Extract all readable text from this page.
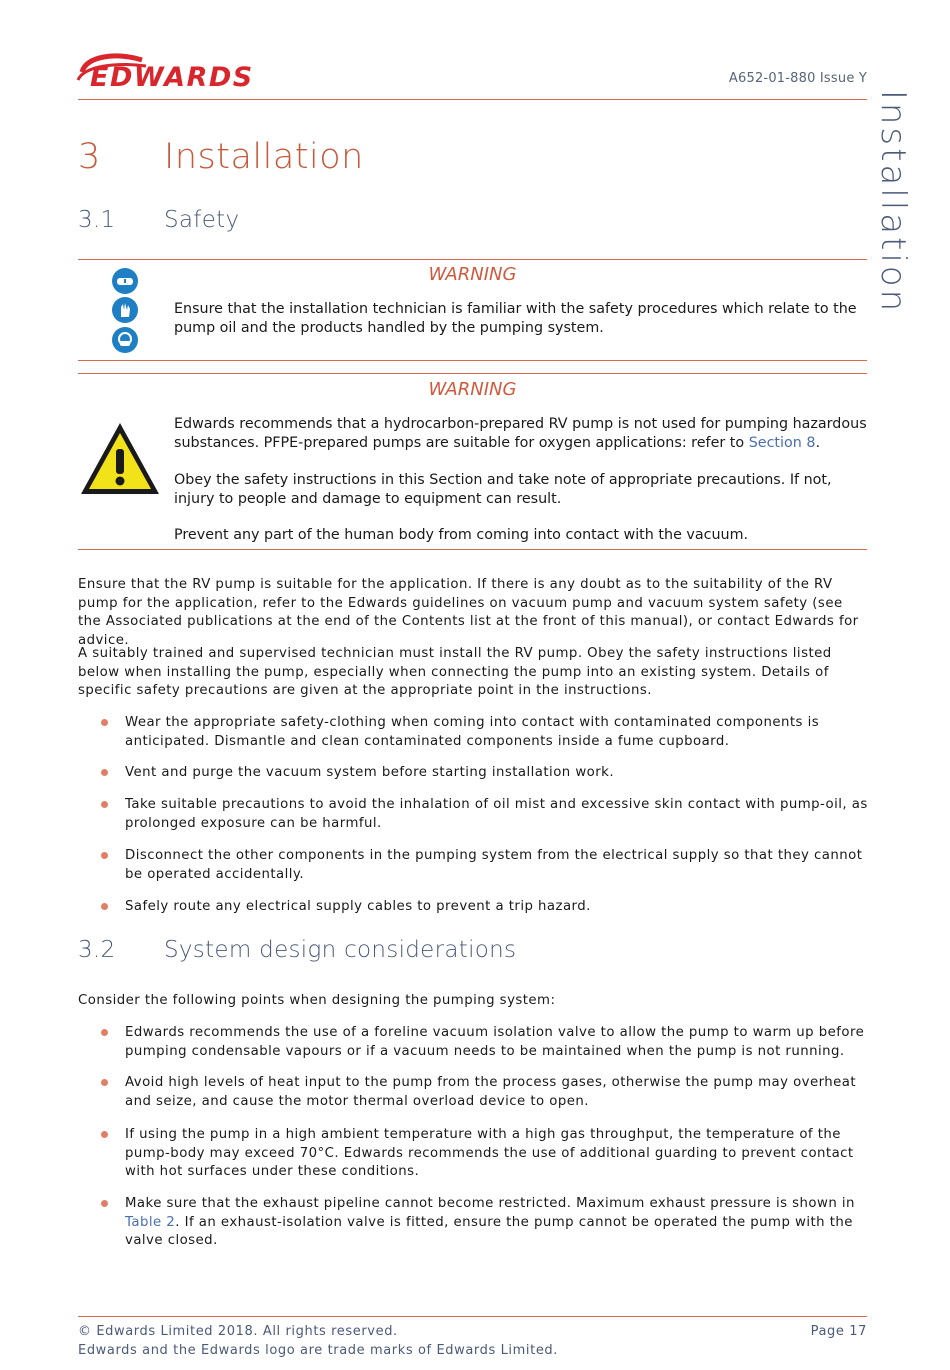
EDWARDS	A652-01-880 Issue Y
Installation
3 Installation
3.1 Safety
WARNING
Ensure that the installation technician is familiar with the safety procedures which relate to the pump oil and the products handled by the pumping system.
WARNING
Edwards recommends that a hydrocarbon-prepared RV pump is not used for pumping hazardous substances. PFPE-prepared pumps are suitable for oxygen applications: refer to Section 8.
Obey the safety instructions in this Section and take note of appropriate precautions. If not, injury to people and damage to equipment can result.
Prevent any part of the human body from coming into contact with the vacuum.
Ensure that the RV pump is suitable for the application. If there is any doubt as to the suitability of the RV pump for the application, refer to the Edwards guidelines on vacuum pump and vacuum system safety (see the Associated publications at the end of the Contents list at the front of this manual), or contact Edwards for advice.
A suitably trained and supervised technician must install the RV pump. Obey the safety instructions listed below when installing the pump, especially when connecting the pump into an existing system. Details of specific safety precautions are given at the appropriate point in the instructions.
Wear the appropriate safety-clothing when coming into contact with contaminated components is anticipated. Dismantle and clean contaminated components inside a fume cupboard.
Vent and purge the vacuum system before starting installation work.
Take suitable precautions to avoid the inhalation of oil mist and excessive skin contact with pump-oil, as prolonged exposure can be harmful.
Disconnect the other components in the pumping system from the electrical supply so that they cannot be operated accidentally.
Safely route any electrical supply cables to prevent a trip hazard.
3.2 System design considerations
Consider the following points when designing the pumping system:
Edwards recommends the use of a foreline vacuum isolation valve to allow the pump to warm up before pumping condensable vapours or if a vacuum needs to be maintained when the pump is not running.
Avoid high levels of heat input to the pump from the process gases, otherwise the pump may overheat and seize, and cause the motor thermal overload device to open.
If using the pump in a high ambient temperature with a high gas throughput, the temperature of the pump-body may exceed 70°C. Edwards recommends the use of additional guarding to prevent contact with hot surfaces under these conditions.
Make sure that the exhaust pipeline cannot become restricted. Maximum exhaust pressure is shown in Table 2. If an exhaust-isolation valve is fitted, ensure the pump cannot be operated the pump with the valve closed.
© Edwards Limited 2018. All rights reserved.	Page 17
Edwards and the Edwards logo are trade marks of Edwards Limited.
